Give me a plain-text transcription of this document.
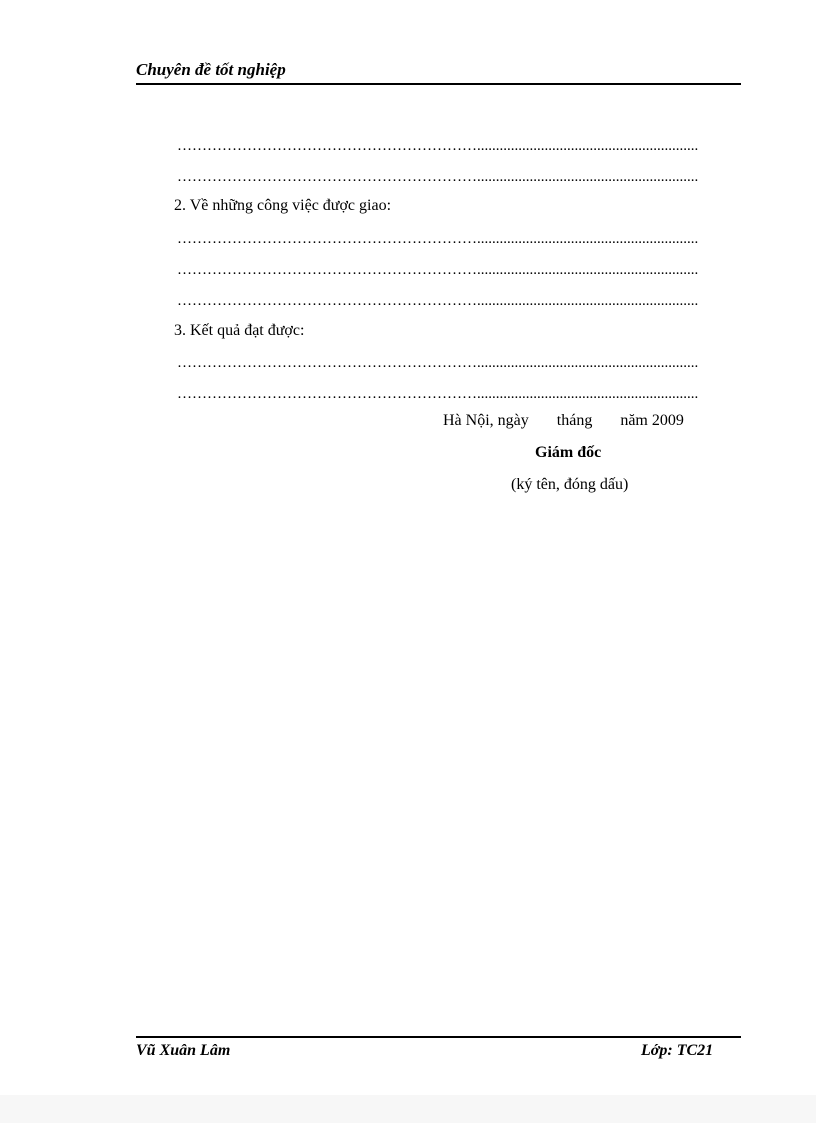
Chuyên đề tốt nghiệp
……………………………………………………...........................................................
……………………………………………………...........................................................
2. Về những công việc được giao:
……………………………………………………...........................................................
……………………………………………………...........................................................
……………………………………………………...........................................................
3. Kết quả đạt được:
……………………………………………………...........................................................
……………………………………………………...........................................................
Hà Nội, ngày tháng năm 2009
Giám đốc
(ký tên, đóng dấu)
Vũ Xuân Lâm	Lớp: TC21
